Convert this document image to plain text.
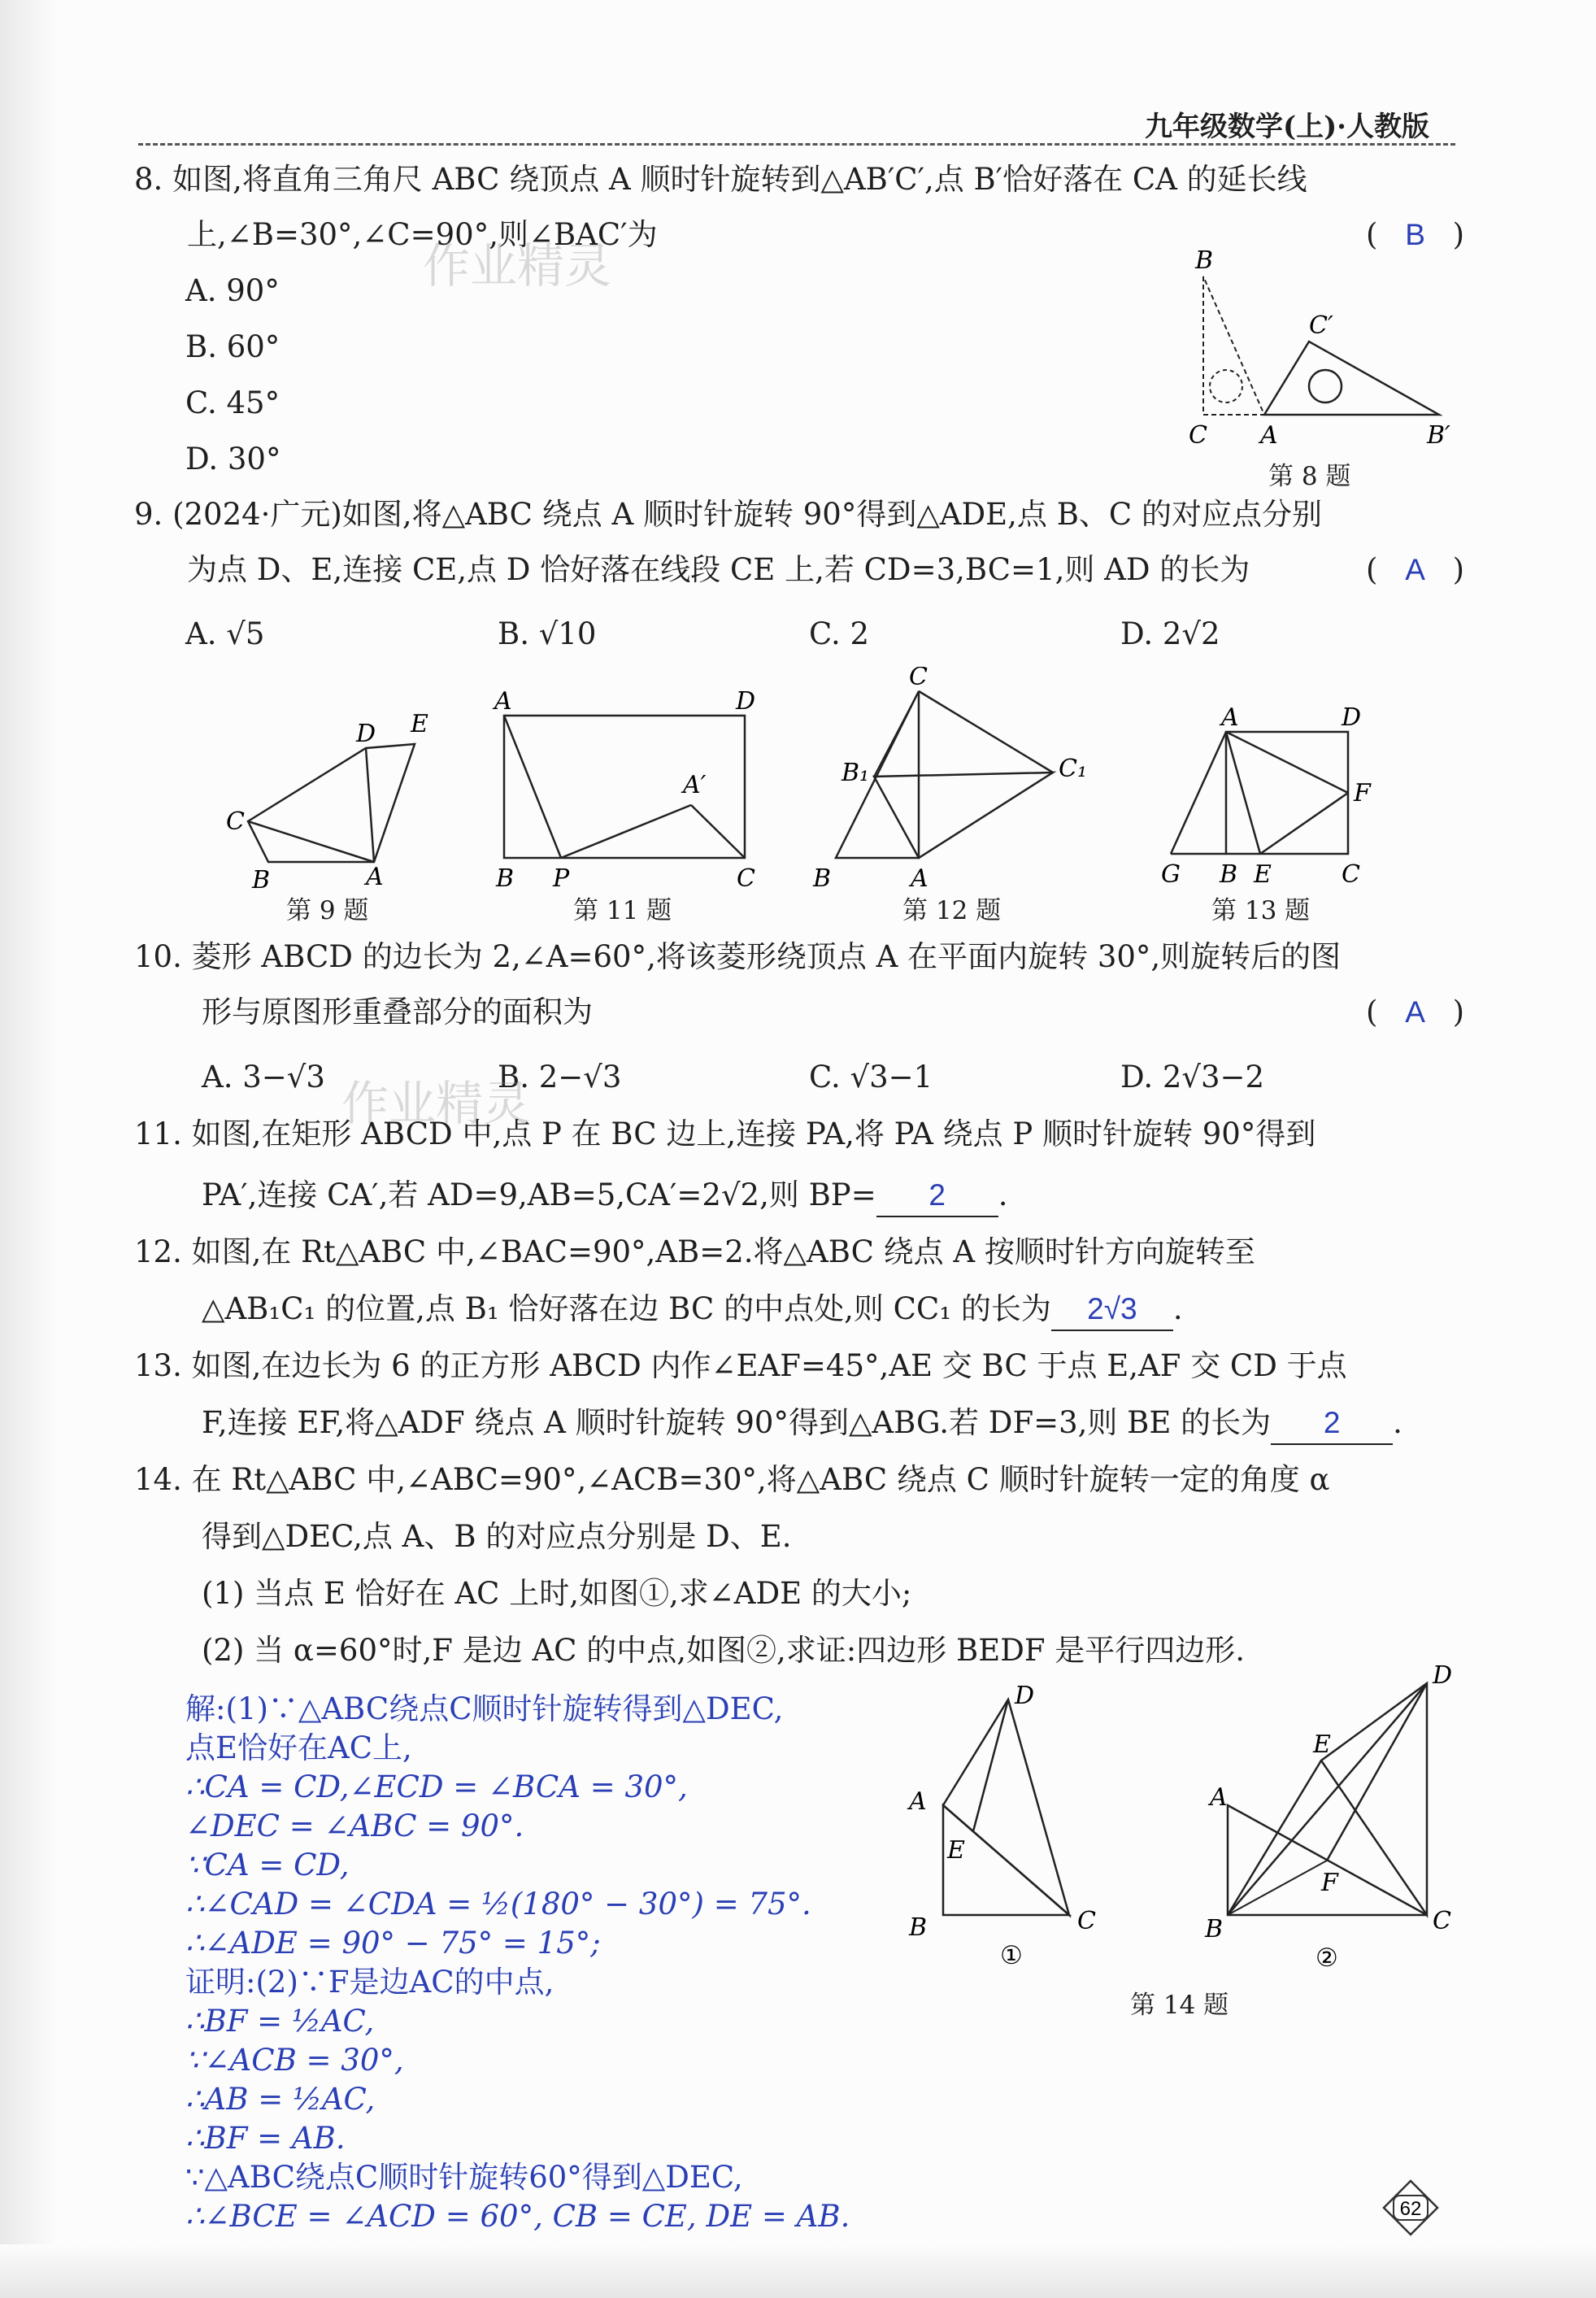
九年级数学(上)·人教版
8. 如图,将直角三角尺 ABC 绕顶点 A 顺时针旋转到△AB′C′,点 B′恰好落在 CA 的延长线
上,∠B=30°,∠C=90°,则∠BAC′为	( B )
A. 90°
B. 60°
C. 45°
D. 30°
作业精灵	B
C A
C′
B′
第 8 题
9. (2024·广元)如图,将△ABC 绕点 A 顺时针旋转 90°得到△ADE,点 B、C 的对应点分别
为点 D、E,连接 CE,点 D 恰好落在线段 CE 上,若 CD=3,BC=1,则 AD 的长为	( A )
A. √5	B. √10	C. 2	D. 2√2
C
D E
B	A
第 9 题
A	D
A′
B P	C
第 11 题
C
B₁	C₁
B	A
第 12 题
A	D
F
G B E	C
第 13 题
10. 菱形 ABCD 的边长为 2,∠A=60°,将该菱形绕顶点 A 在平面内旋转 30°,则旋转后的图
形与原图形重叠部分的面积为	( A )
A. 3−√3	B. 2−√3	C. √3−1	D. 2√3−2
作业精灵
11. 如图,在矩形 ABCD 中,点 P 在 BC 边上,连接 PA,将 PA 绕点 P 顺时针旋转 90°得到
PA′,连接 CA′,若 AD=9,AB=5,CA′=2√2,则 BP= 2 .
12. 如图,在 Rt△ABC 中,∠BAC=90°,AB=2.将△ABC 绕点 A 按顺时针方向旋转至
△AB₁C₁ 的位置,点 B₁ 恰好落在边 BC 的中点处,则 CC₁ 的长为 2√3 .
13. 如图,在边长为 6 的正方形 ABCD 内作∠EAF=45°,AE 交 BC 于点 E,AF 交 CD 于点
F,连接 EF,将△ADF 绕点 A 顺时针旋转 90°得到△ABG.若 DF=3,则 BE 的长为 2 .
14. 在 Rt△ABC 中,∠ABC=90°,∠ACB=30°,将△ABC 绕点 C 顺时针旋转一定的角度 α
得到△DEC,点 A、B 的对应点分别是 D、E.
(1) 当点 E 恰好在 AC 上时,如图①,求∠ADE 的大小;
(2) 当 α=60°时,F 是边 AC 的中点,如图②,求证:四边形 BEDF 是平行四边形.
解:(1)∵△ABC绕点C顺时针旋转得到△DEC,
点E恰好在AC上,
∴CA = CD,∠ECD = ∠BCA = 30°,
∠DEC = ∠ABC = 90°.
∵CA = CD,
∴∠CAD = ∠CDA = ½(180° − 30°) = 75°.
∴∠ADE = 90° − 75° = 15°;
证明:(2)∵F是边AC的中点,
∴BF = ½AC,
∵∠ACB = 30°,
∴AB = ½AC,
∴BF = AB.
∵△ABC绕点C顺时针旋转60°得到△DEC,
∴∠BCE = ∠ACD = 60°, CB = CE, DE = AB.
D
A
E
B	C
①
D
E
A
F
B	C
②
第 14 题
62
